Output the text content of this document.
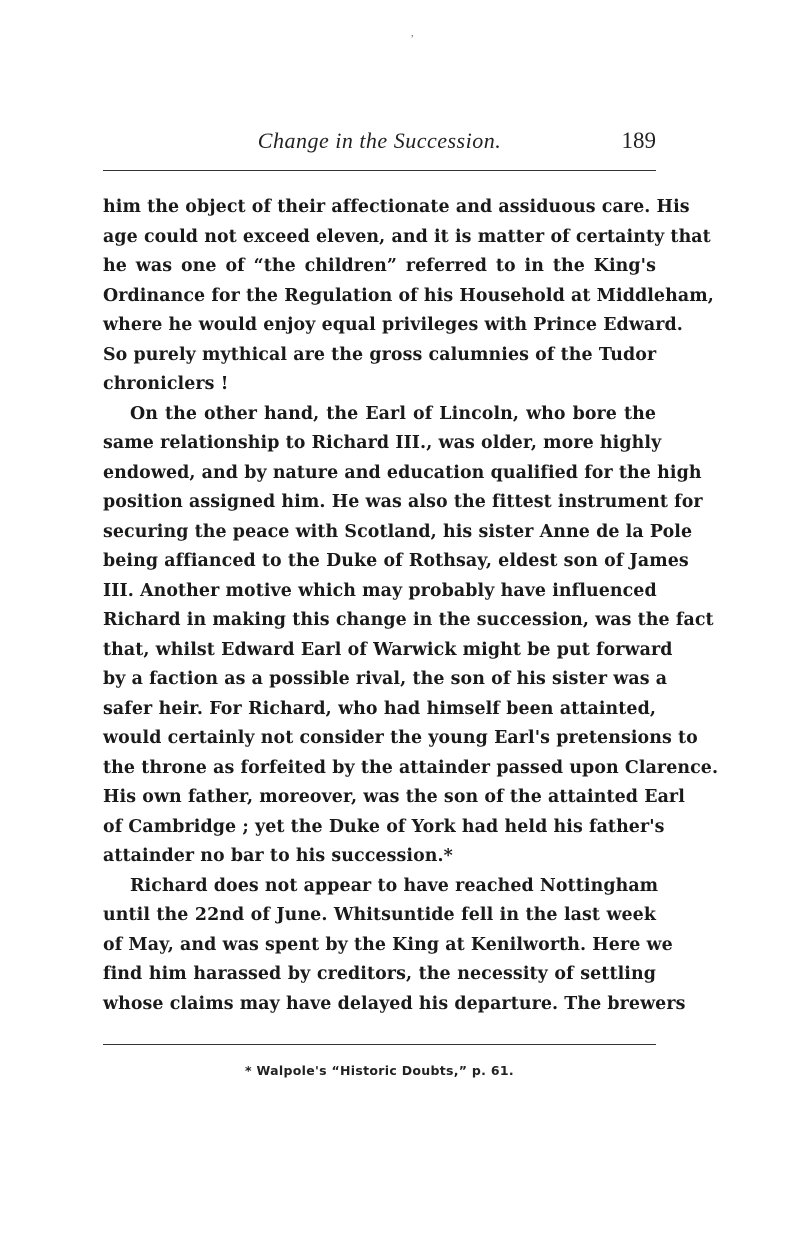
,
Change in the Succession.	189
him the object of their affectionate and assiduous care. His
age could not exceed eleven, and it is matter of certainty that
he was one of “the children” referred to in the King's
Ordinance for the Regulation of his Household at Middleham,
where he would enjoy equal privileges with Prince Edward.
So purely mythical are the gross calumnies of the Tudor
chroniclers !
On the other hand, the Earl of Lincoln, who bore the
same relationship to Richard III., was older, more highly
endowed, and by nature and education qualified for the high
position assigned him. He was also the fittest instrument for
securing the peace with Scotland, his sister Anne de la Pole
being affianced to the Duke of Rothsay, eldest son of James
III. Another motive which may probably have influenced
Richard in making this change in the succession, was the fact
that, whilst Edward Earl of Warwick might be put forward
by a faction as a possible rival, the son of his sister was a
safer heir. For Richard, who had himself been attainted,
would certainly not consider the young Earl's pretensions to
the throne as forfeited by the attainder passed upon Clarence.
His own father, moreover, was the son of the attainted Earl
of Cambridge ; yet the Duke of York had held his father's
attainder no bar to his succession.*
Richard does not appear to have reached Nottingham
until the 22nd of June. Whitsuntide fell in the last week
of May, and was spent by the King at Kenilworth. Here we
find him harassed by creditors, the necessity of settling
whose claims may have delayed his departure. The brewers
* Walpole's “Historic Doubts,” p. 61.
